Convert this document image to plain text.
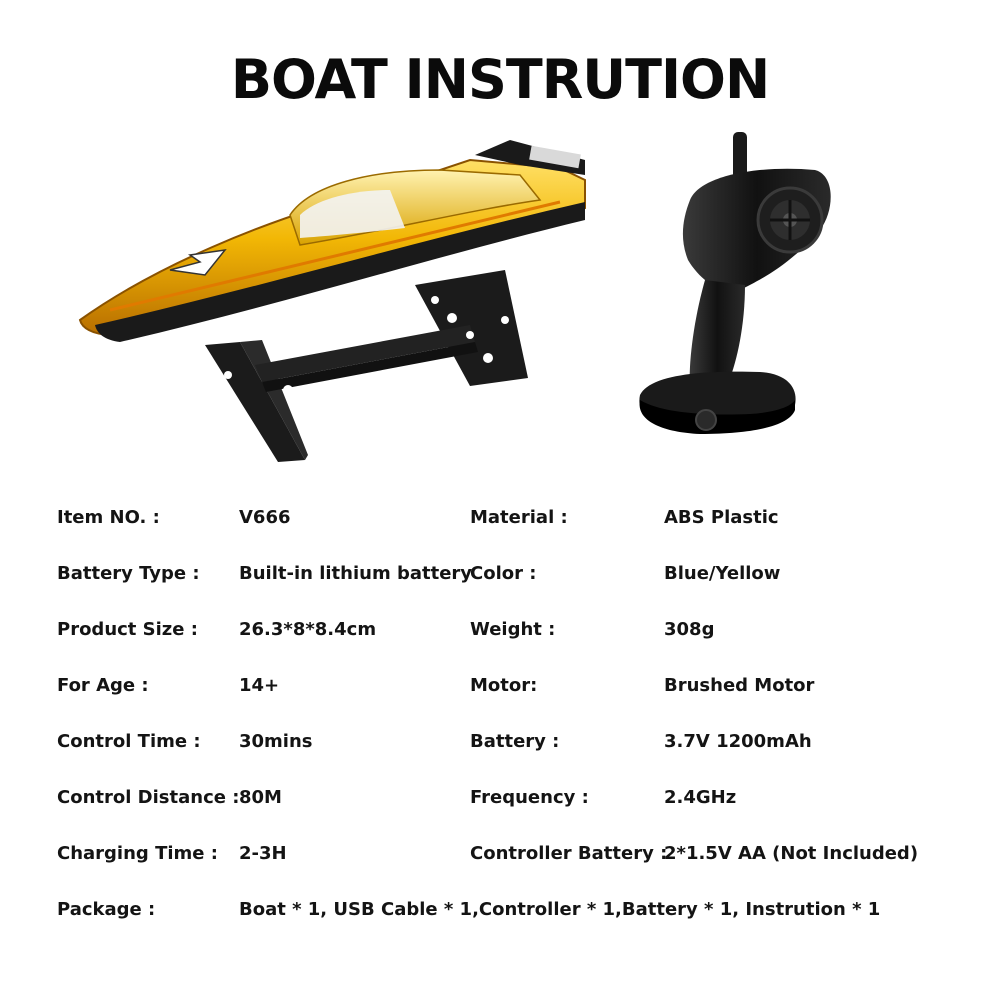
BOAT INSTRUTION
Item NO. :	V666
Battery Type : Built-in lithium battery
Product Size : 26.3*8*8.4cm
For Age :	14+
Control Time : 30mins
Control Distance : 80M
Charging Time : 2-3H
Package :	Boat * 1, USB Cable * 1,Controller * 1,Battery * 1, Instrution * 1
Material :	ABS Plastic
Color :	Blue/Yellow
Weight :	308g
Motor:	Brushed Motor
Battery :	3.7V 1200mAh
Frequency :	2.4GHz
Controller Battery :
2*1.5V AA (Not Included)
